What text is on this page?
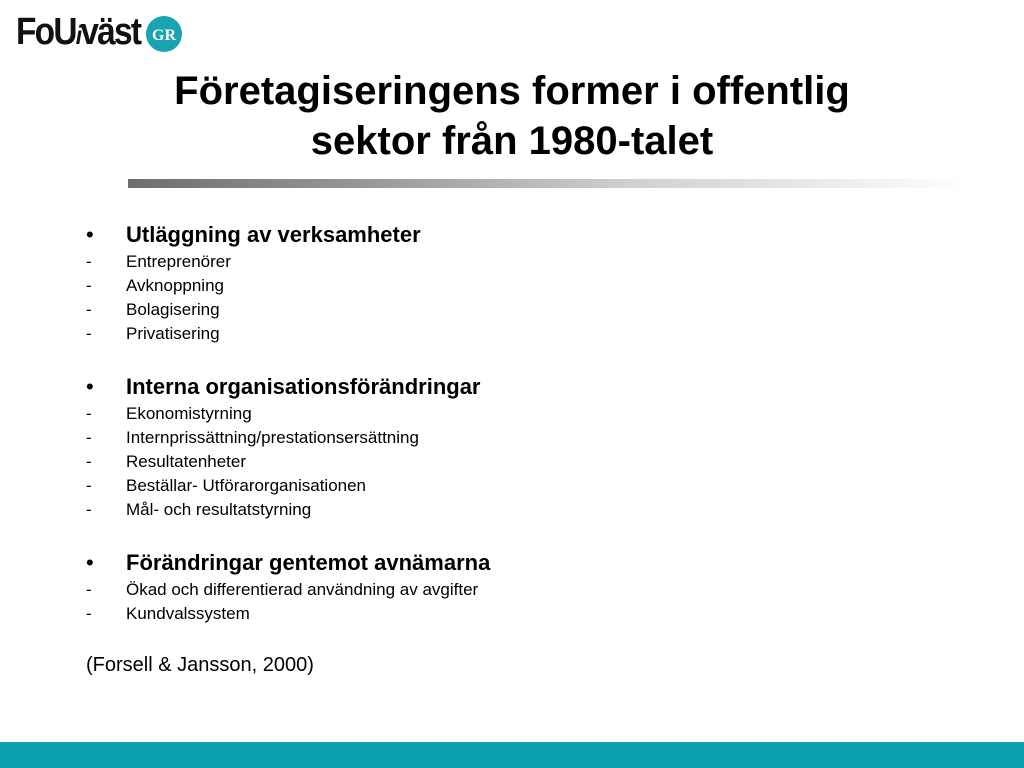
FoUiväst GR
Företagiseringens former i offentlig
sektor från 1980-talet
•	Utläggning av verksamheter
-	Entreprenörer
-	Avknoppning
-	Bolagisering
-	Privatisering
•	Interna organisationsförändringar
-	Ekonomistyrning
-	Internprissättning/prestationsersättning
-	Resultatenheter
-	Beställar- Utförarorganisationen
-	Mål- och resultatstyrning
•	Förändringar gentemot avnämarna
-	Ökad och differentierad användning av avgifter
-	Kundvalssystem
(Forsell & Jansson, 2000)
